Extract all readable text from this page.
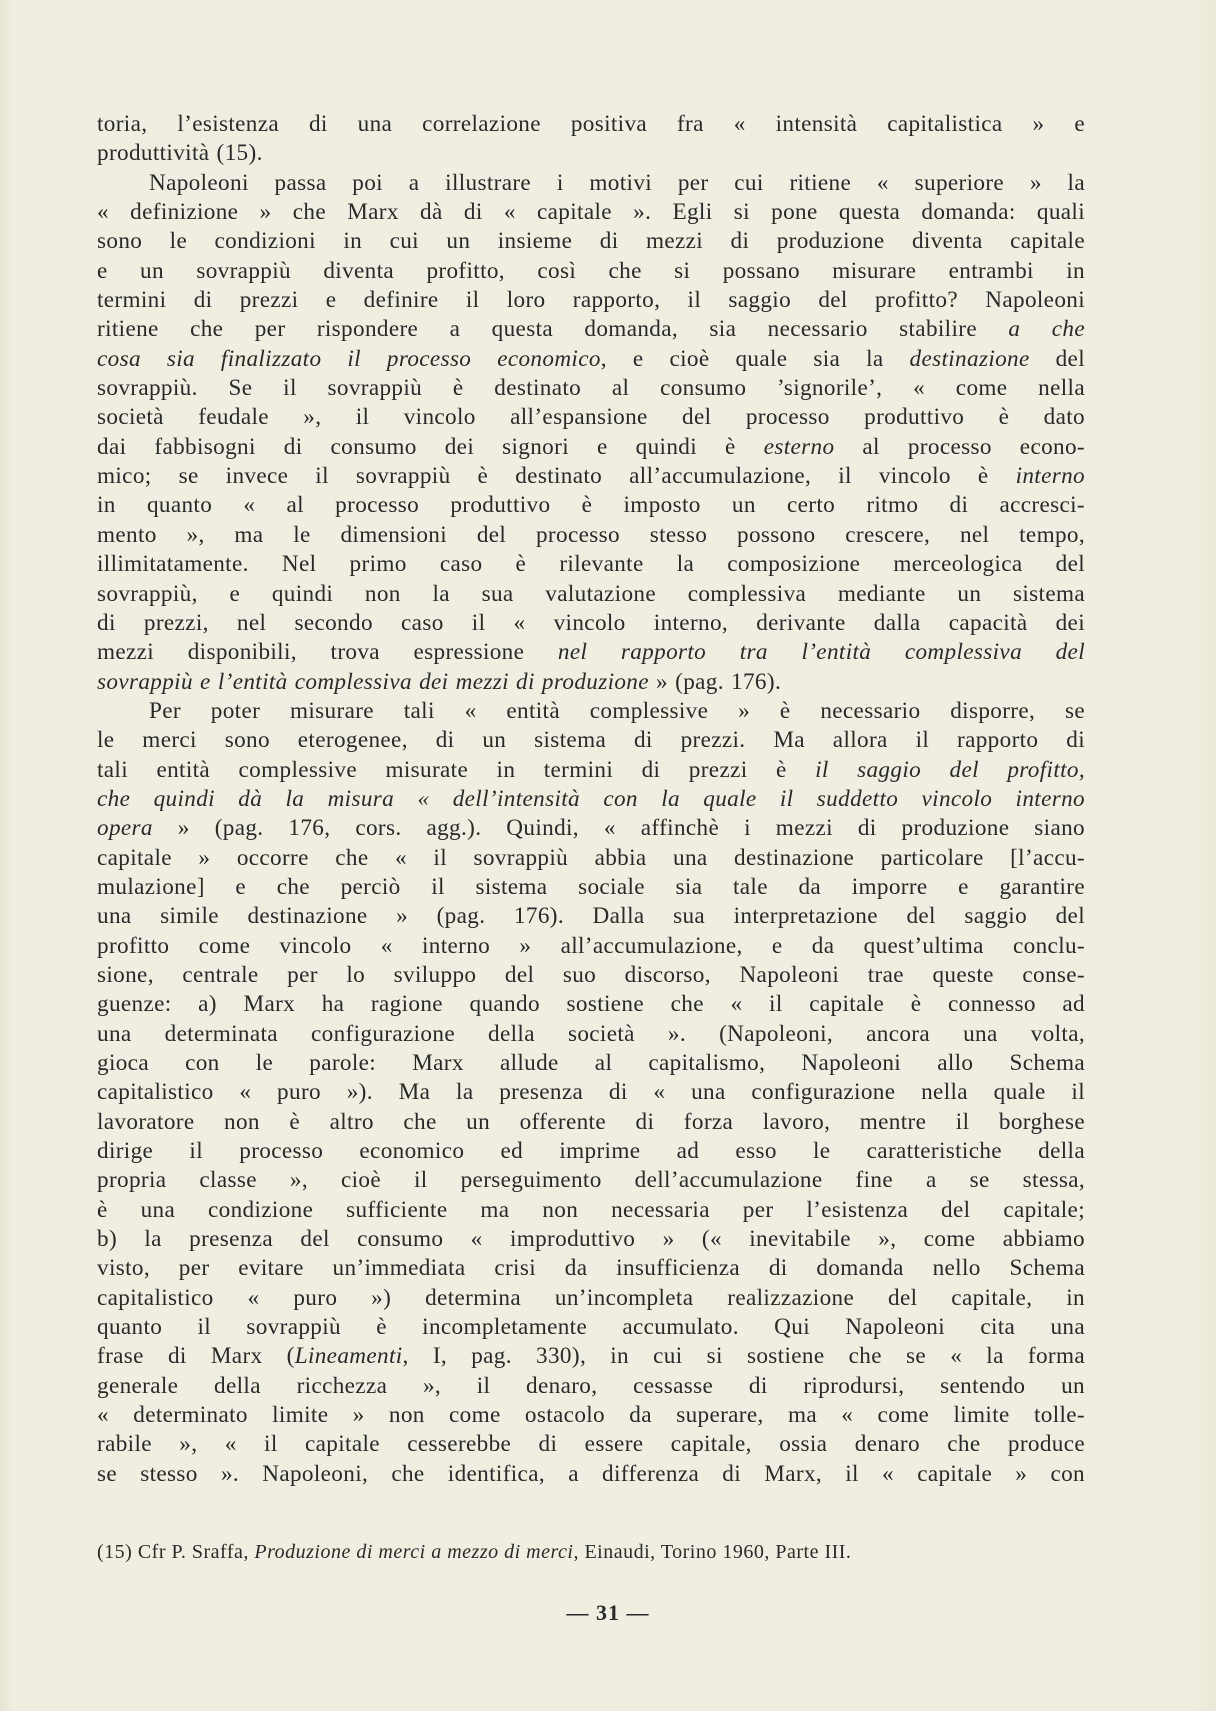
toria, l’esistenza di una correlazione positiva fra « intensità capitalistica » e
produttività (15).
Napoleoni passa poi a illustrare i motivi per cui ritiene « superiore » la
« definizione » che Marx dà di « capitale ». Egli si pone questa domanda: quali
sono le condizioni in cui un insieme di mezzi di produzione diventa capitale
e un sovrappiù diventa profitto, così che si possano misurare entrambi in
termini di prezzi e definire il loro rapporto, il saggio del profitto? Napoleoni
ritiene che per rispondere a questa domanda, sia necessario stabilire a che
cosa sia finalizzato il processo economico, e cioè quale sia la destinazione del
sovrappiù. Se il sovrappiù è destinato al consumo ’signorile’, « come nella
società feudale », il vincolo all’espansione del processo produttivo è dato
dai fabbisogni di consumo dei signori e quindi è esterno al processo econo-
mico; se invece il sovrappiù è destinato all’accumulazione, il vincolo è interno
in quanto « al processo produttivo è imposto un certo ritmo di accresci-
mento », ma le dimensioni del processo stesso possono crescere, nel tempo,
illimitatamente. Nel primo caso è rilevante la composizione merceologica del
sovrappiù, e quindi non la sua valutazione complessiva mediante un sistema
di prezzi, nel secondo caso il « vincolo interno, derivante dalla capacità dei
mezzi disponibili, trova espressione nel rapporto tra l’entità complessiva del
sovrappiù e l’entità complessiva dei mezzi di produzione » (pag. 176).
Per poter misurare tali « entità complessive » è necessario disporre, se
le merci sono eterogenee, di un sistema di prezzi. Ma allora il rapporto di
tali entità complessive misurate in termini di prezzi è il saggio del profitto,
che quindi dà la misura « dell’intensità con la quale il suddetto vincolo interno
opera » (pag. 176, cors. agg.). Quindi, « affinchè i mezzi di produzione siano
capitale » occorre che « il sovrappiù abbia una destinazione particolare [l’accu-
mulazione] e che perciò il sistema sociale sia tale da imporre e garantire
una simile destinazione » (pag. 176). Dalla sua interpretazione del saggio del
profitto come vincolo « interno » all’accumulazione, e da quest’ultima conclu-
sione, centrale per lo sviluppo del suo discorso, Napoleoni trae queste conse-
guenze: a) Marx ha ragione quando sostiene che « il capitale è connesso ad
una determinata configurazione della società ». (Napoleoni, ancora una volta,
gioca con le parole: Marx allude al capitalismo, Napoleoni allo Schema
capitalistico « puro »). Ma la presenza di « una configurazione nella quale il
lavoratore non è altro che un offerente di forza lavoro, mentre il borghese
dirige il processo economico ed imprime ad esso le caratteristiche della
propria classe », cioè il perseguimento dell’accumulazione fine a se stessa,
è una condizione sufficiente ma non necessaria per l’esistenza del capitale;
b) la presenza del consumo « improduttivo » (« inevitabile », come abbiamo
visto, per evitare un’immediata crisi da insufficienza di domanda nello Schema
capitalistico « puro ») determina un’incompleta realizzazione del capitale, in
quanto il sovrappiù è incompletamente accumulato. Qui Napoleoni cita una
frase di Marx (Lineamenti, I, pag. 330), in cui si sostiene che se « la forma
generale della ricchezza », il denaro, cessasse di riprodursi, sentendo un
« determinato limite » non come ostacolo da superare, ma « come limite tolle-
rabile », « il capitale cesserebbe di essere capitale, ossia denaro che produce
se stesso ». Napoleoni, che identifica, a differenza di Marx, il « capitale » con
(15) Cfr P. Sraffa, Produzione di merci a mezzo di merci, Einaudi, Torino 1960, Parte III.
— 31 —
